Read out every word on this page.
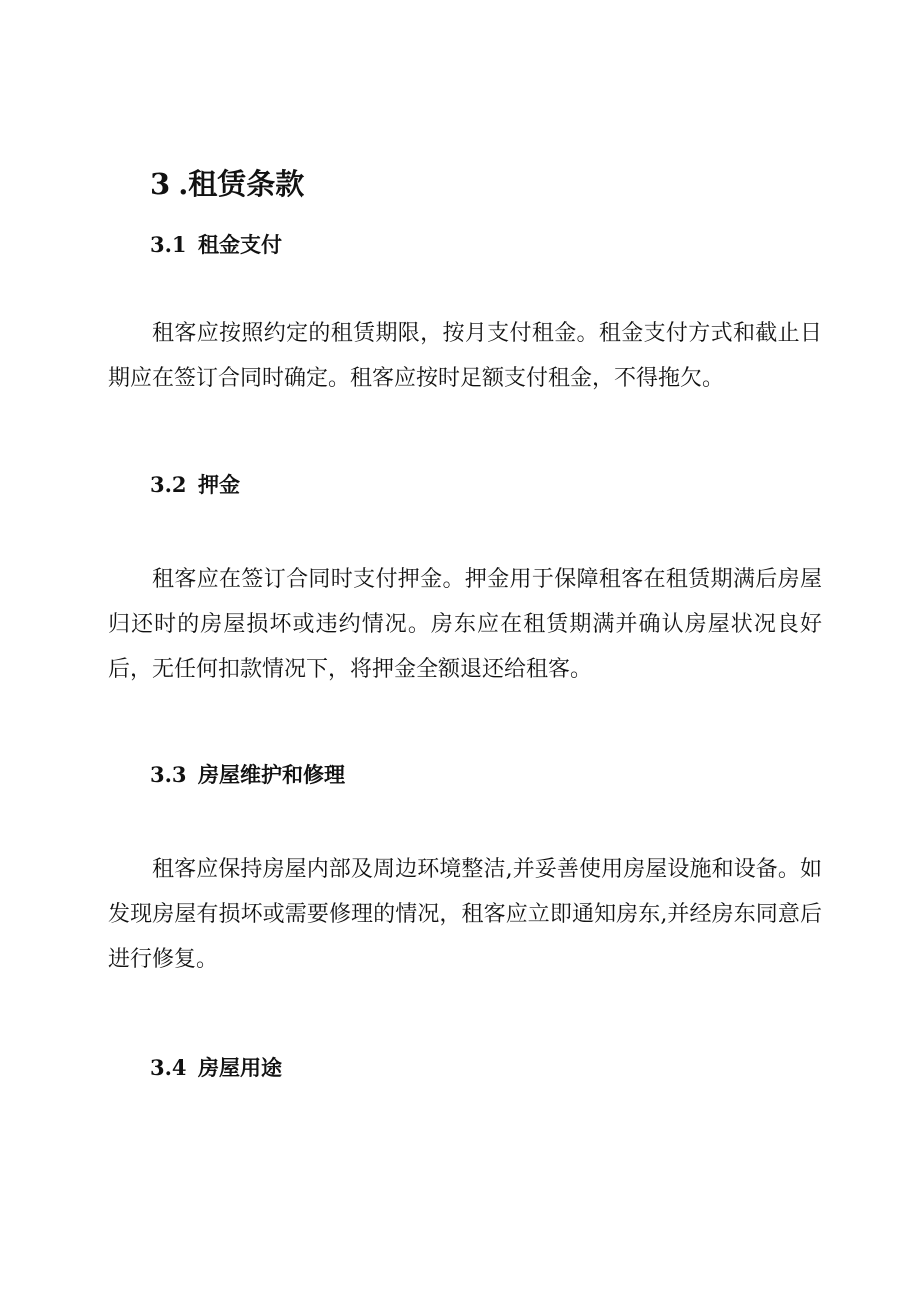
3 .租赁条款
3.1 租金支付

租客应按照约定的租赁期限，按月支付租金。租金支付方式和截止日期应在签订合同时确定。租客应按时足额支付租金，不得拖欠。

3.2 押金

租客应在签订合同时支付押金。押金用于保障租客在租赁期满后房屋归还时的房屋损坏或违约情况。房东应在租赁期满并确认房屋状况良好后，无任何扣款情况下，将押金全额退还给租客。

3.3 房屋维护和修理

租客应保持房屋内部及周边环境整洁,并妥善使用房屋设施和设备。如发现房屋有损坏或需要修理的情况，租客应立即通知房东,并经房东同意后进行修复。

3.4 房屋用途
